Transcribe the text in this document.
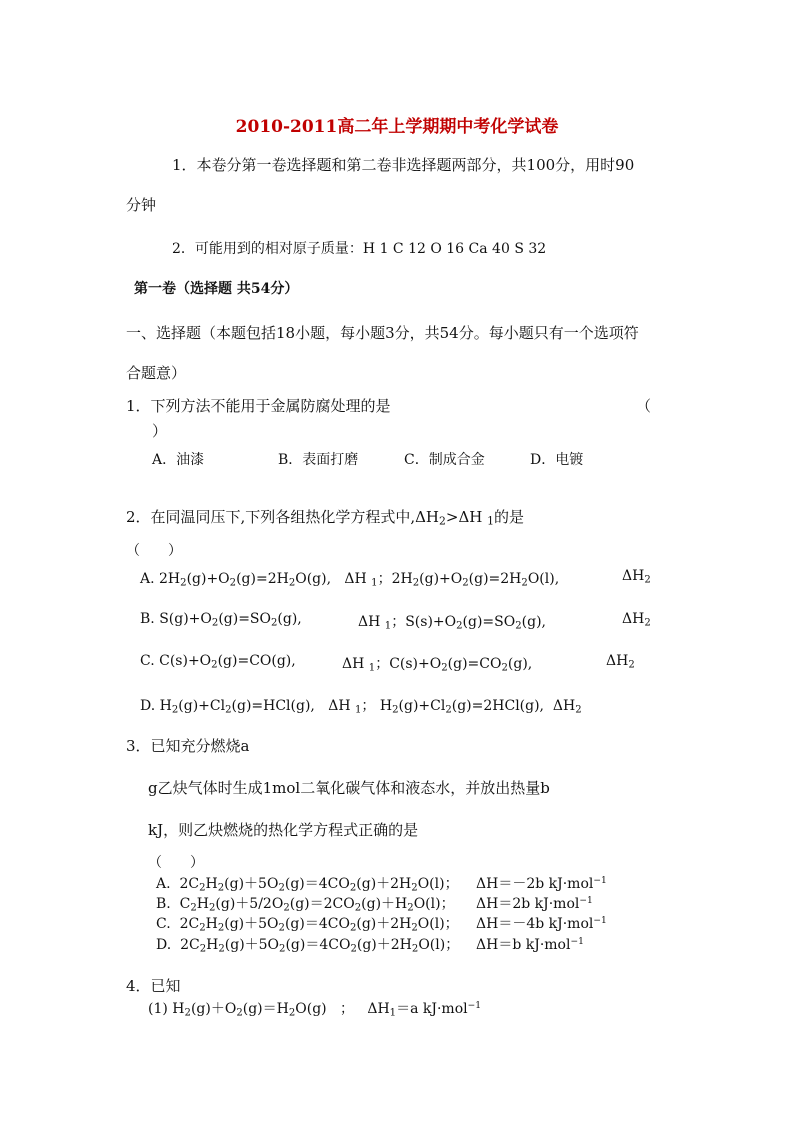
2010-2011高二年上学期期中考化学试卷
1．本卷分第一卷选择题和第二卷非选择题两部分，共100分，用时90
分钟
2．可能用到的相对原子质量：H 1 C 12 O 16 Ca 40 S 32
第一卷（选择题 共54分）
一、选择题（本题包括18小题，每小题3分，共54分。每小题只有一个选项符
合题意）
1．下列方法不能用于金属防腐处理的是	（
）
A．油漆	B．表面打磨	C．制成合金	D．电镀
2．在同温同压下,下列各组热化学方程式中$,\Delta H_2>\Delta H$ $_1$的是
（　　）
A. $2H_2(g)+O_2(g)=2H_2O(g)$,   ΔH $_1$；$2H_2(g)+O_2(g)=2H_2O(l)$,	$\Delta H_2$
B. $S(g)+O_2(g)=SO_2(g)$,	ΔH $_1$；$S(s)+O_2(g)=SO_2(g)$,	$\Delta H_2$
C. $C(s)+O_2(g)=CO(g)$,	ΔH $_1$；$C(s)+O_2(g)=CO_2(g)$,	$\Delta H_2$
D. $H_2(g)+Cl_2(g)=HCl(g)$,   ΔH $_1$； $H_2(g)+Cl_2(g)=2HCl(g)$,  $\Delta H_2$
3．已知充分燃烧a
g乙炔气体时生成1mol二氧化碳气体和液态水，并放出热量b
kJ，则乙炔燃烧的热化学方程式正确的是
（　　）
A.  $2C_2H_2(g)+5O_2(g)=4CO_2(g)+2H_2O(l)$； ΔH＝－2b kJ·mol$^{-1}$
B.  $C_2H_2(g)+5/2O_2(g)=2CO_2(g)+H_2O(l)$； ΔH＝2b kJ·mol$^{-1}$
C.  $2C_2H_2(g)+5O_2(g)=4CO_2(g)+2H_2O(l)$； ΔH＝－4b kJ·mol$^{-1}$
D.  $2C_2H_2(g)+5O_2(g)=4CO_2(g)+2H_2O(l)$； ΔH＝b kJ·mol$^{-1}$
4．已知
(1) $H_2(g)+O_2(g)=H_2O(g)$   ；   $\Delta H_1=a$ kJ·mol$^{-1}$
